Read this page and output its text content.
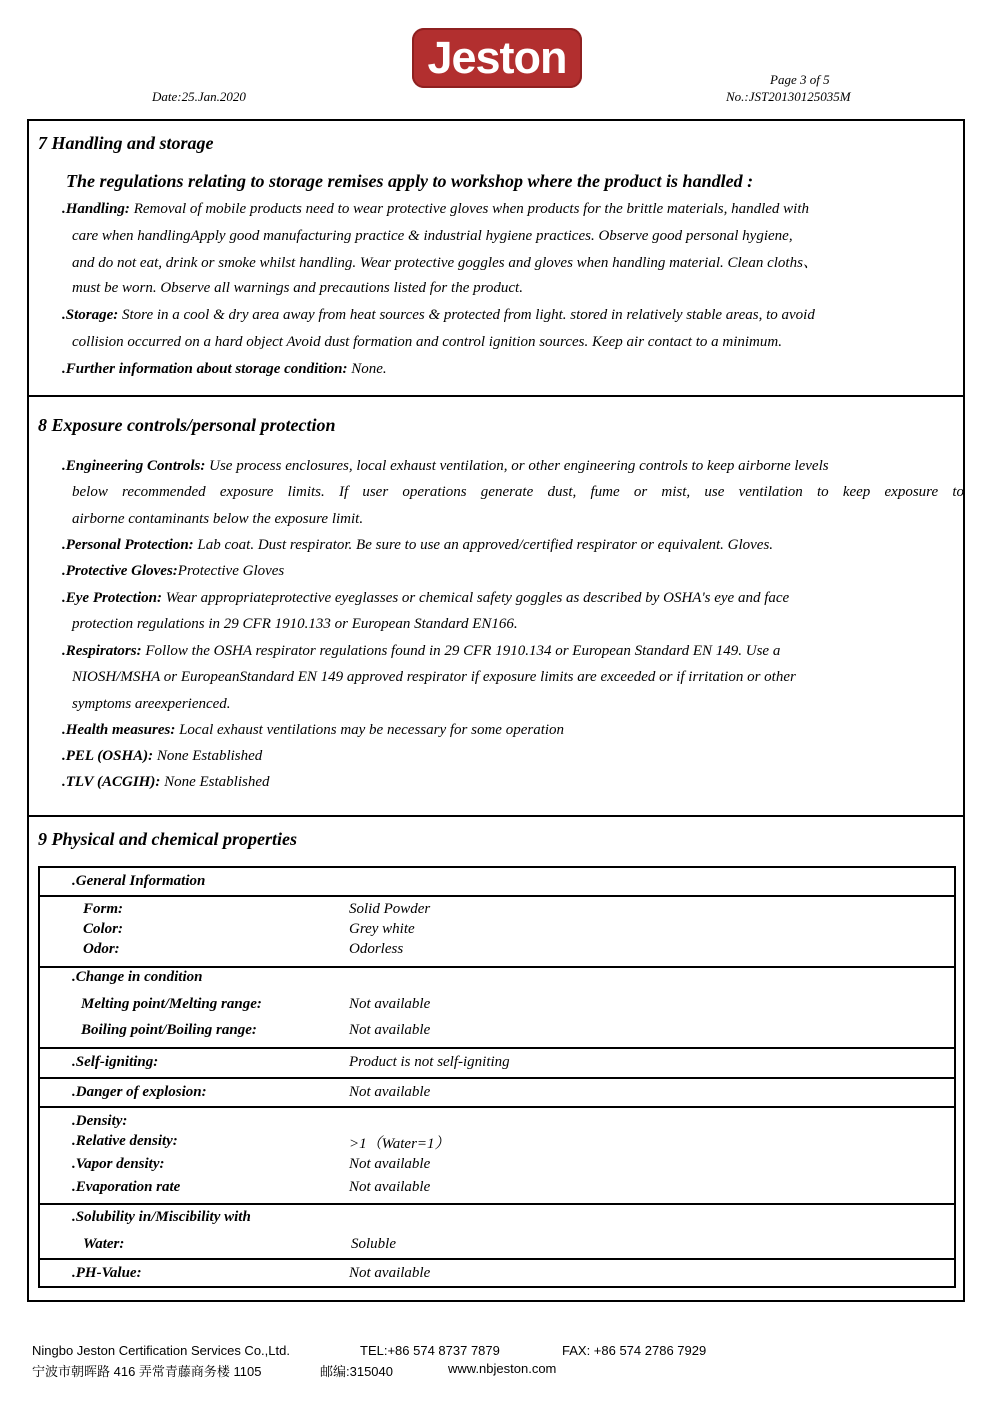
Jeston
Date:25.Jan.2020
Page 3 of 5
No.:JST20130125035M
7 Handling and storage
The regulations relating to storage remises apply to workshop where the product is handled :
.Handling: Removal of mobile products need to wear protective gloves when products for the brittle materials, handled with
care when handlingApply good manufacturing practice & industrial hygiene practices. Observe good personal hygiene,
and do not eat, drink or smoke whilst handling. Wear protective goggles and gloves when handling material. Clean cloths、
must be worn. Observe all warnings and precautions listed for the product.
.Storage: Store in a cool & dry area away from heat sources & protected from light. stored in relatively stable areas, to avoid
collision occurred on a hard object Avoid dust formation and control ignition sources. Keep air contact to a minimum.
.Further information about storage condition: None.
8 Exposure controls/personal protection
.Engineering Controls: Use process enclosures, local exhaust ventilation, or other engineering controls to keep airborne levels
below recommended exposure limits. If user operations generate dust, fume or mist, use ventilation to keep exposure to
airborne contaminants below the exposure limit.
.Personal Protection: Lab coat. Dust respirator. Be sure to use an approved/certified respirator or equivalent. Gloves.
.Protective Gloves:Protective Gloves
.Eye Protection: Wear appropriateprotective eyeglasses or chemical safety goggles as described by OSHA's eye and face
protection regulations in 29 CFR 1910.133 or European Standard EN166.
.Respirators: Follow the OSHA respirator regulations found in 29 CFR 1910.134 or European Standard EN 149. Use a
NIOSH/MSHA or EuropeanStandard EN 149 approved respirator if exposure limits are exceeded or if irritation or other
symptoms areexperienced.
.Health measures: Local exhaust ventilations may be necessary for some operation
.PEL (OSHA): None Established
.TLV (ACGIH): None Established
9 Physical and chemical properties
.General Information
Form:	Solid Powder
Color:	Grey white
Odor:	Odorless
.Change in condition
Melting point/Melting range:	Not available
Boiling point/Boiling range:	Not available
.Self-igniting:	Product is not self-igniting
.Danger of explosion:	Not available
.Density:
.Relative density:	>1（Water=1）
.Vapor density:	Not available
.Evaporation rate	Not available
.Solubility in/Miscibility with
Water:	Soluble
.PH-Value:	Not available
Ningbo Jeston Certification Services Co.,Ltd.	TEL:+86 574 8737 7879	FAX: +86 574 2786 7929
宁波市朝晖路 416 弄常青藤商务楼 1105	邮编:315040	www.nbjeston.com
